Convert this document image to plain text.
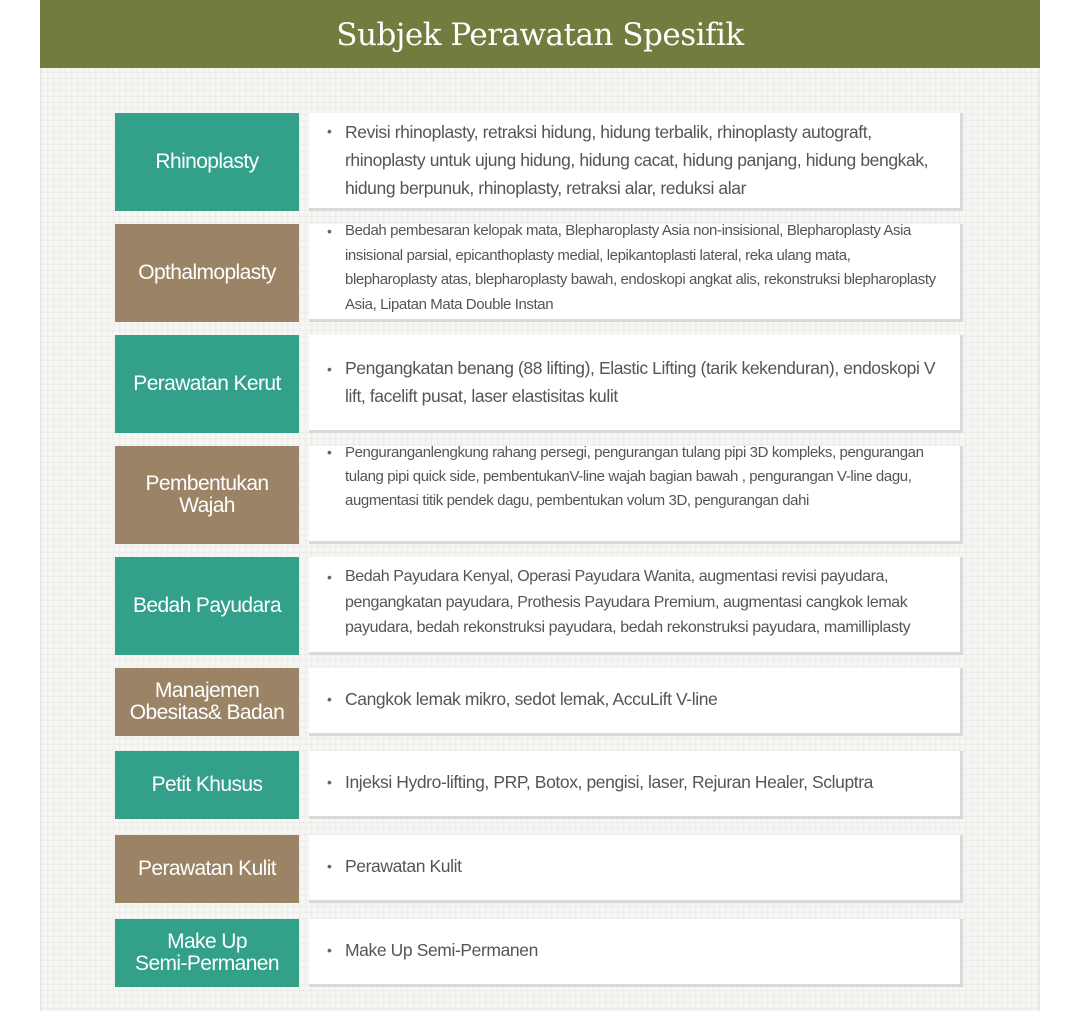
Subjek Perawatan Spesifik
Rhinoplasty
• Revisi rhinoplasty, retraksi hidung, hidung terbalik, rhinoplasty autograft, rhinoplasty untuk ujung hidung, hidung cacat, hidung panjang, hidung bengkak, hidung berpunuk, rhinoplasty, retraksi alar, reduksi alar
Opthalmoplasty
• Bedah pembesaran kelopak mata, Blepharoplasty Asia non-insisional, Blepharoplasty Asia insisional parsial, epicanthoplasty medial, lepikantoplasti lateral, reka ulang mata, blepharoplasty atas, blepharoplasty bawah, endoskopi angkat alis, rekonstruksi blepharoplasty Asia, Lipatan Mata Double Instan
Perawatan Kerut
• Pengangkatan benang (88 lifting), Elastic Lifting (tarik kekenduran), endoskopi V lift, facelift pusat, laser elastisitas kulit
Pembentukan
Wajah
• Penguranganlengkung rahang persegi, pengurangan tulang pipi 3D kompleks, pengurangan tulang pipi quick side, pembentukanV-line wajah bagian bawah , pengurangan V-line dagu, augmentasi titik pendek dagu, pembentukan volum 3D, pengurangan dahi
Bedah Payudara
• Bedah Payudara Kenyal, Operasi Payudara Wanita, augmentasi revisi payudara, pengangkatan payudara, Prothesis Payudara Premium, augmentasi cangkok lemak payudara, bedah rekonstruksi payudara, bedah rekonstruksi payudara, mamilliplasty
Manajemen
Obesitas& Badan
• Cangkok lemak mikro, sedot lemak, AccuLift V-line
Petit Khusus	• Injeksi Hydro-lifting, PRP, Botox, pengisi, laser, Rejuran Healer, Scluptra
Perawatan Kulit	• Perawatan Kulit
Make Up
Semi-Permanen
• Make Up Semi-Permanen
